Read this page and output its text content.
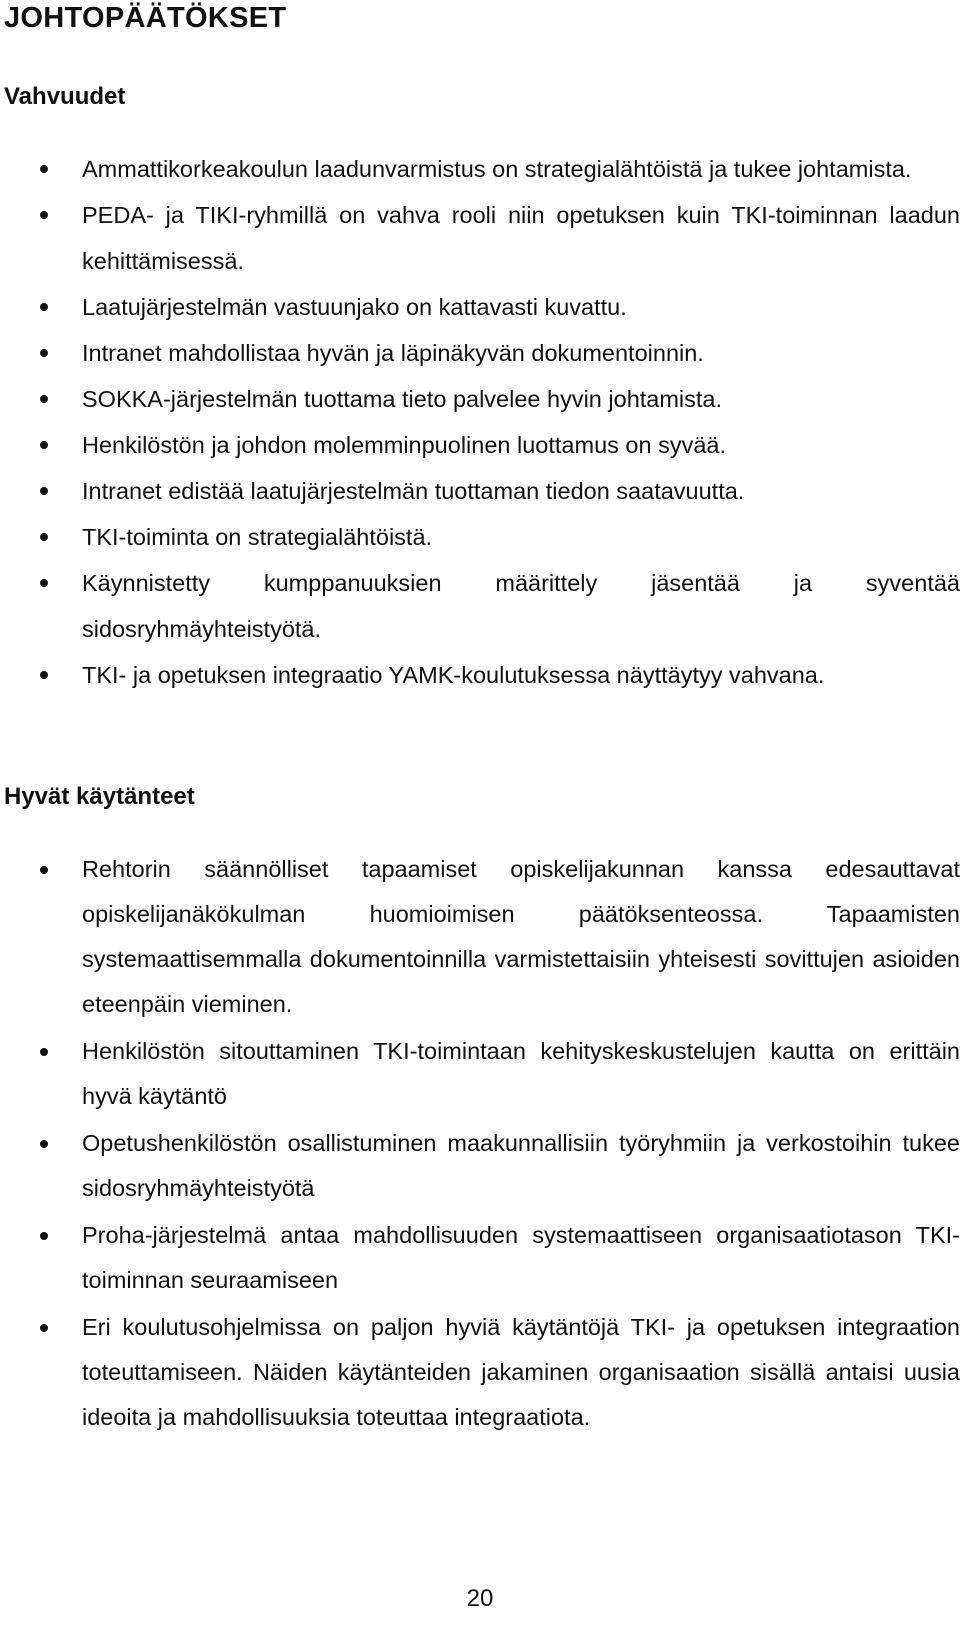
JOHTOPÄÄTÖKSET
Vahvuudet
Ammattikorkeakoulun laadunvarmistus on strategialähtöistä ja tukee johtamista.
PEDA- ja TIKI-ryhmillä on vahva rooli niin opetuksen kuin TKI-toiminnan laadun kehittämisessä.
Laatujärjestelmän vastuunjako on kattavasti kuvattu.
Intranet mahdollistaa hyvän ja läpinäkyvän dokumentoinnin.
SOKKA-järjestelmän tuottama tieto palvelee hyvin johtamista.
Henkilöstön ja johdon molemminpuolinen luottamus on syvää.
Intranet edistää laatujärjestelmän tuottaman tiedon saatavuutta.
TKI-toiminta on strategialähtöistä.
Käynnistetty kumppanuuksien määrittely jäsentää ja syventää sidosryhmäyhteistyötä.
TKI- ja opetuksen integraatio YAMK-koulutuksessa näyttäytyy vahvana.
Hyvät käytänteet
Rehtorin säännölliset tapaamiset opiskelijakunnan kanssa edesauttavat opiskelijanäkökulman huomioimisen päätöksenteossa. Tapaamisten systemaattisemmalla dokumentoinnilla varmistettaisiin yhteisesti sovittujen asioiden eteenpäin vieminen.
Henkilöstön sitouttaminen TKI-toimintaan kehityskeskustelujen kautta on erittäin hyvä käytäntö
Opetushenkilöstön osallistuminen maakunnallisiin työryhmiin ja verkostoihin tukee sidosryhmäyhteistyötä
Proha-järjestelmä antaa mahdollisuuden systemaattiseen organisaatiotason TKI-toiminnan seuraamiseen
Eri koulutusohjelmissa on paljon hyviä käytäntöjä TKI- ja opetuksen integraation toteuttamiseen. Näiden käytänteiden jakaminen organisaation sisällä antaisi uusia ideoita ja mahdollisuuksia toteuttaa integraatiota.
20
